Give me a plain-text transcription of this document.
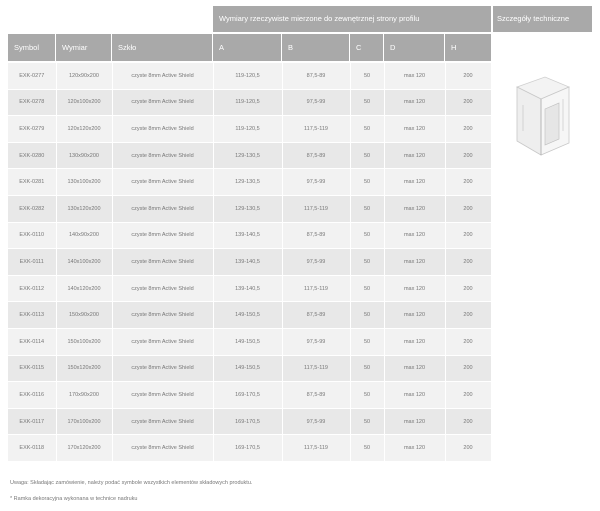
Wymiary rzeczywiste mierzone do zewnętrznej strony profilu	Szczegóły techniczne
Symbol	Wymiar	Szkło	A	B	C	D	H
EXK-0277	120x90x200	czyste 8mm Active Shield	119-120,5	87,5-89	50	max 120	200
EXK-0278	120x100x200	czyste 8mm Active Shield	119-120,5	97,5-99	50	max 120	200
EXK-0279	120x120x200	czyste 8mm Active Shield	119-120,5	117,5-119	50	max 120	200
EXK-0280	130x90x200	czyste 8mm Active Shield	129-130,5	87,5-89	50	max 120	200
EXK-0281	130x100x200	czyste 8mm Active Shield	129-130,5	97,5-99	50	max 120	200
EXK-0282	130x120x200	czyste 8mm Active Shield	129-130,5	117,5-119	50	max 120	200
EXK-0110	140x90x200	czyste 8mm Active Shield	139-140,5	87,5-89	50	max 120	200
EXK-0111	140x100x200	czyste 8mm Active Shield	139-140,5	97,5-99	50	max 120	200
EXK-0112	140x120x200	czyste 8mm Active Shield	139-140,5	117,5-119	50	max 120	200
EXK-0113	150x90x200	czyste 8mm Active Shield	149-150,5	87,5-89	50	max 120	200
EXK-0114	150x100x200	czyste 8mm Active Shield	149-150,5	97,5-99	50	max 120	200
EXK-0115	150x120x200	czyste 8mm Active Shield	149-150,5	117,5-119	50	max 120	200
EXK-0116	170x90x200	czyste 8mm Active Shield	169-170,5	87,5-89	50	max 120	200
EXK-0117	170x100x200	czyste 8mm Active Shield	169-170,5	97,5-99	50	max 120	200
EXK-0118	170x120x200	czyste 8mm Active Shield	169-170,5	117,5-119	50	max 120	200
Uwaga: Składając zamówienie, należy podać symbole wszystkich elementów składowych produktu.
* Ramka dekoracyjna wykonana w technice nadruku
